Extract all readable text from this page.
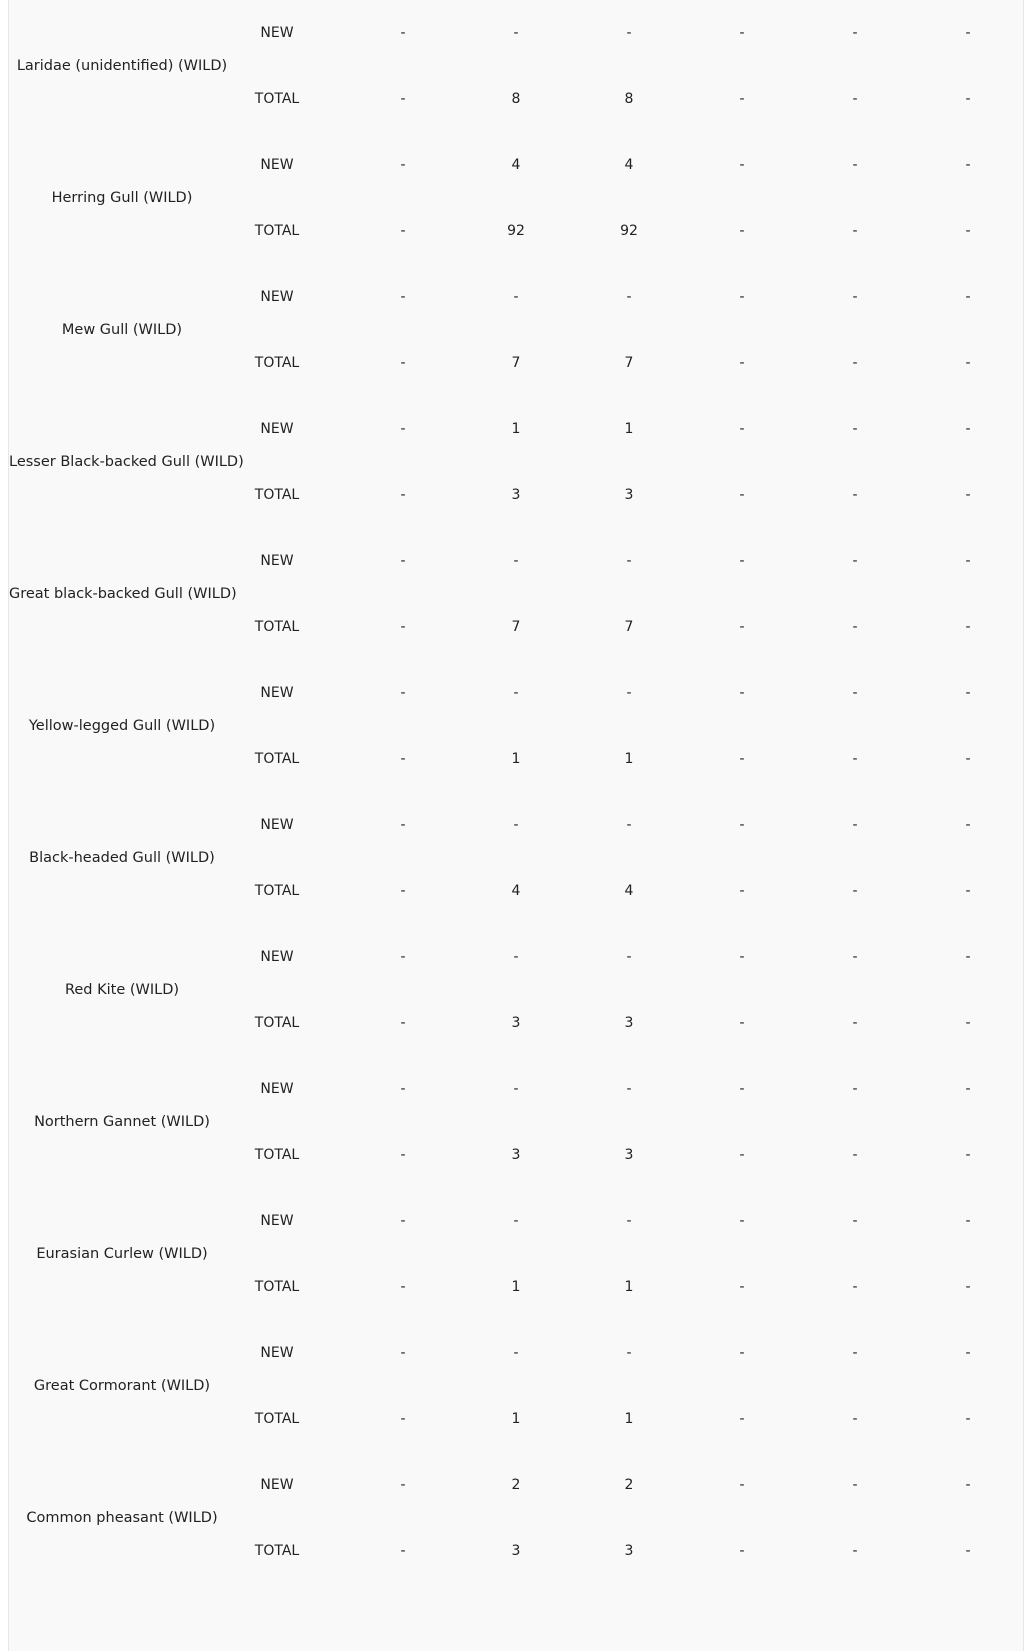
Laridae (unidentified) (WILD)
NEW	-	-	-	-	-	-
TOTAL	-	8	8	-	-	-
Herring Gull (WILD)
NEW	-	4	4	-	-	-
TOTAL	-	92	92	-	-	-
Mew Gull (WILD)
NEW	-	-	-	-	-	-
TOTAL	-	7	7	-	-	-
Lesser Black-backed Gull (WILD)
NEW	-	1	1	-	-	-
TOTAL	-	3	3	-	-	-
Great black-backed Gull (WILD)
NEW	-	-	-	-	-	-
TOTAL	-	7	7	-	-	-
Yellow-legged Gull (WILD)
NEW	-	-	-	-	-	-
TOTAL	-	1	1	-	-	-
Black-headed Gull (WILD)
NEW	-	-	-	-	-	-
TOTAL	-	4	4	-	-	-
Red Kite (WILD)
NEW	-	-	-	-	-	-
TOTAL	-	3	3	-	-	-
Northern Gannet (WILD)
NEW	-	-	-	-	-	-
TOTAL	-	3	3	-	-	-
Eurasian Curlew (WILD)
NEW	-	-	-	-	-	-
TOTAL	-	1	1	-	-	-
Great Cormorant (WILD)
NEW	-	-	-	-	-	-
TOTAL	-	1	1	-	-	-
Common pheasant (WILD)
NEW	-	2	2	-	-	-
TOTAL	-	3	3	-	-	-
